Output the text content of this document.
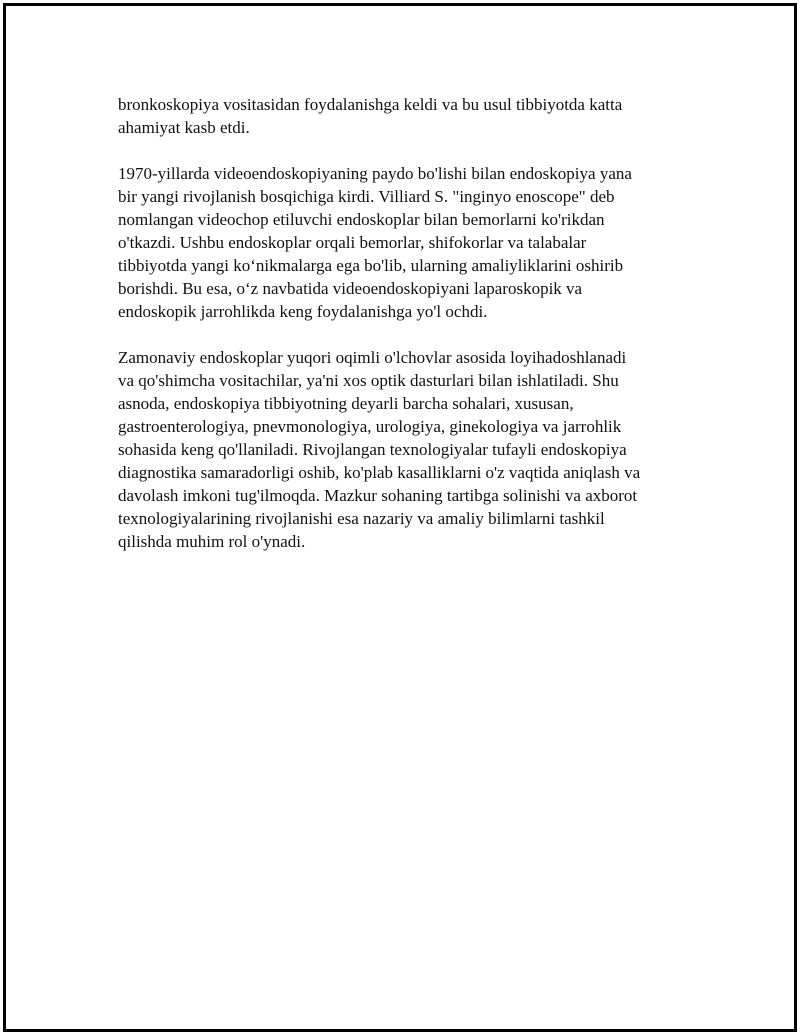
bronkoskopiya vositasidan foydalanishga keldi va bu usul tibbiyotda katta
ahamiyat kasb etdi.

1970-yillarda videoendoskopiyaning paydo bo'lishi bilan endoskopiya yana
bir yangi rivojlanish bosqichiga kirdi. Villiard S. "inginyo enoscope" deb
nomlangan videochop etiluvchi endoskoplar bilan bemorlarni ko'rikdan
o'tkazdi. Ushbu endoskoplar orqali bemorlar, shifokorlar va talabalar
tibbiyotda yangi ko‘nikmalarga ega bo'lib, ularning amaliyliklarini oshirib
borishdi. Bu esa, o‘z navbatida videoendoskopiyani laparoskopik va
endoskopik jarrohlikda keng foydalanishga yo'l ochdi.

Zamonaviy endoskoplar yuqori oqimli o'lchovlar asosida loyihadoshlanadi
va qo'shimcha vositachilar, ya'ni xos optik dasturlari bilan ishlatiladi. Shu
asnoda, endoskopiya tibbiyotning deyarli barcha sohalari, xususan,
gastroenterologiya, pnevmonologiya, urologiya, ginekologiya va jarrohlik
sohasida keng qo'llaniladi. Rivojlangan texnologiyalar tufayli endoskopiya
diagnostika samaradorligi oshib, ko'plab kasalliklarni o'z vaqtida aniqlash va
davolash imkoni tug'ilmoqda. Mazkur sohaning tartibga solinishi va axborot
texnologiyalarining rivojlanishi esa nazariy va amaliy bilimlarni tashkil
qilishda muhim rol o'ynadi.
